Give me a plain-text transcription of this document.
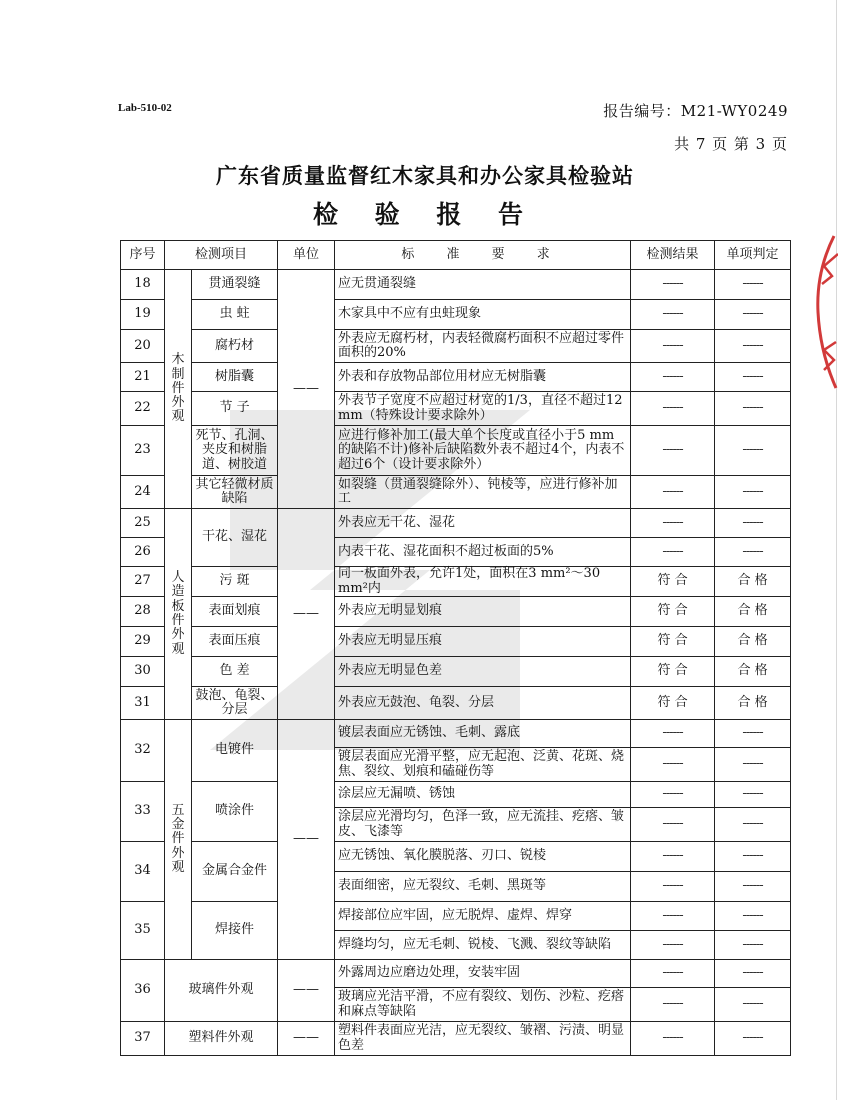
Lab-510-02	报告编号：M21-WY0249
共 7 页 第 3 页
广东省质量监督红木家具和办公家具检验站
检 验 报 告
序号	检测项目		单位	标 准 要 求	检测结果	单项判定
18	木制件外观	贯通裂缝	——	应无贯通裂缝	------	------
19		虫 蛀		木家具中不应有虫蛀现象	------	------
20		腐朽材		外表应无腐朽材，内表轻微腐朽面积不应超过零件面积的20%	------	------
21		树脂囊		外表和存放物品部位用材应无树脂囊	------	------
22		节 子		外表节子宽度不应超过材宽的1/3，直径不超过12 mm（特殊设计要求除外）	------	------
23		死节、孔洞、夹皮和树脂道、树胶道		应进行修补加工(最大单个长度或直径小于5 mm的缺陷不计)修补后缺陷数外表不超过4个，内表不超过6个（设计要求除外）	------	------
24		其它轻微材质缺陷		如裂缝（贯通裂缝除外）、钝棱等，应进行修补加工	------	------
25	人造板件外观	干花、湿花	——	外表应无干花、湿花	------	------
26				内表干花、湿花面积不超过板面的5%	------	------
27		污 斑		同一板面外表，允许1处，面积在3 mm²～30 mm²内	符 合	合 格
28		表面划痕		外表应无明显划痕	符 合	合 格
29		表面压痕		外表应无明显压痕	符 合	合 格
30		色 差		外表应无明显色差	符 合	合 格
31		鼓泡、龟裂、分层		外表应无鼓泡、龟裂、分层	符 合	合 格
32	五金件外观	电镀件	——	镀层表面应无锈蚀、毛刺、露底	------	------
				镀层表面应光滑平整，应无起泡、泛黄、花斑、烧焦、裂纹、划痕和磕碰伤等	------	------
33		喷涂件		涂层应无漏喷、锈蚀	------	------
				涂层应光滑均匀，色泽一致，应无流挂、疙瘩、皱皮、飞漆等	------	------
34		金属合金件		应无锈蚀、氧化膜脱落、刃口、锐棱	------	------
				表面细密，应无裂纹、毛刺、黑斑等	------	------
35		焊接件		焊接部位应牢固，应无脱焊、虚焊、焊穿	------	------
				焊缝均匀，应无毛刺、锐棱、飞溅、裂纹等缺陷	------	------
36	玻璃件外观		——	外露周边应磨边处理，安装牢固	------	------
				玻璃应光洁平滑，不应有裂纹、划伤、沙粒、疙瘩和麻点等缺陷	------	------
37	塑料件外观		——	塑料件表面应光洁，应无裂纹、皱褶、污渍、明显色差	------	------
